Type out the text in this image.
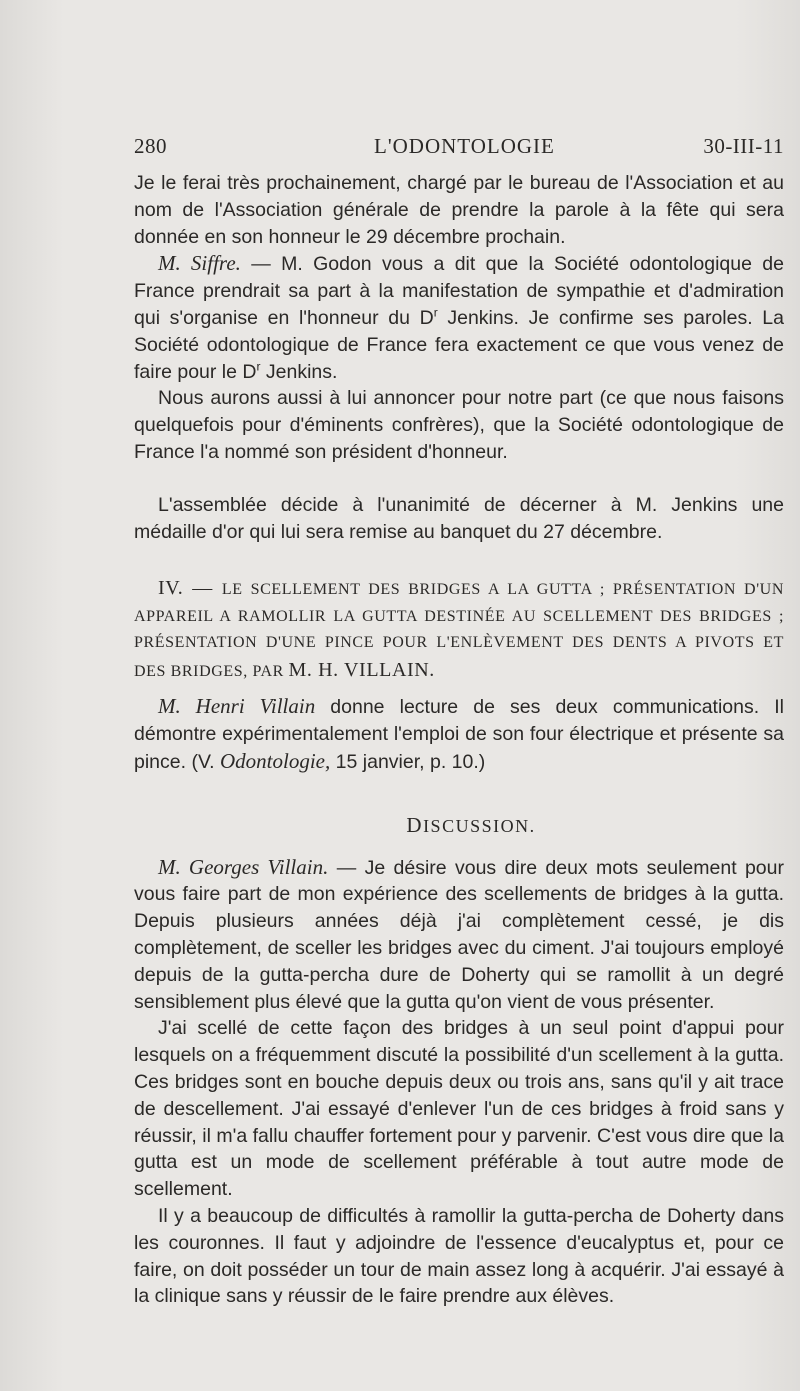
280	L'ODONTOLOGIE	30-III-11

Je le ferai très prochainement, chargé par le bureau de l'Association et au nom de l'Association générale de prendre la parole à la fête qui sera donnée en son honneur le 29 décembre prochain.

M. Siffre. — M. Godon vous a dit que la Société odontologique de France prendrait sa part à la manifestation de sympathie et d'admiration qui s'organise en l'honneur du $D^r$ Jenkins. Je confirme ses paroles. La Société odontologique de France fera exactement ce que vous venez de faire pour le $D^r$ Jenkins.

Nous aurons aussi à lui annoncer pour notre part (ce que nous faisons quelquefois pour d'éminents confrères), que la Société odontologique de France l'a nommé son président d'honneur.

L'assemblée décide à l'unanimité de décerner à M. Jenkins une médaille d'or qui lui sera remise au banquet du 27 décembre.

IV. — LE SCELLEMENT DES BRIDGES A LA GUTTA ; PRÉSENTATION D'UN APPAREIL A RAMOLLIR LA GUTTA DESTINÉE AU SCELLEMENT DES BRIDGES ; PRÉSENTATION D'UNE PINCE POUR L'ENLÈVEMENT DES DENTS A PIVOTS ET DES BRIDGES, PAR M. H. VILLAIN.

M. Henri Villain donne lecture de ses deux communications. Il démontre expérimentalement l'emploi de son four électrique et présente sa pince. (V. Odontologie, 15 janvier, p. 10.)

DISCUSSION.

M. Georges Villain. — Je désire vous dire deux mots seulement pour vous faire part de mon expérience des scellements de bridges à la gutta. Depuis plusieurs années déjà j'ai complètement cessé, je dis complètement, de sceller les bridges avec du ciment. J'ai toujours employé depuis de la gutta-percha dure de Doherty qui se ramollit à un degré sensiblement plus élevé que la gutta qu'on vient de vous présenter.

J'ai scellé de cette façon des bridges à un seul point d'appui pour lesquels on a fréquemment discuté la possibilité d'un scellement à la gutta. Ces bridges sont en bouche depuis deux ou trois ans, sans qu'il y ait trace de descellement. J'ai essayé d'enlever l'un de ces bridges à froid sans y réussir, il m'a fallu chauffer fortement pour y parvenir. C'est vous dire que la gutta est un mode de scellement préférable à tout autre mode de scellement.

Il y a beaucoup de difficultés à ramollir la gutta-percha de Doherty dans les couronnes. Il faut y adjoindre de l'essence d'eucalyptus et, pour ce faire, on doit posséder un tour de main assez long à acquérir. J'ai essayé à la clinique sans y réussir de le faire prendre aux élèves.
